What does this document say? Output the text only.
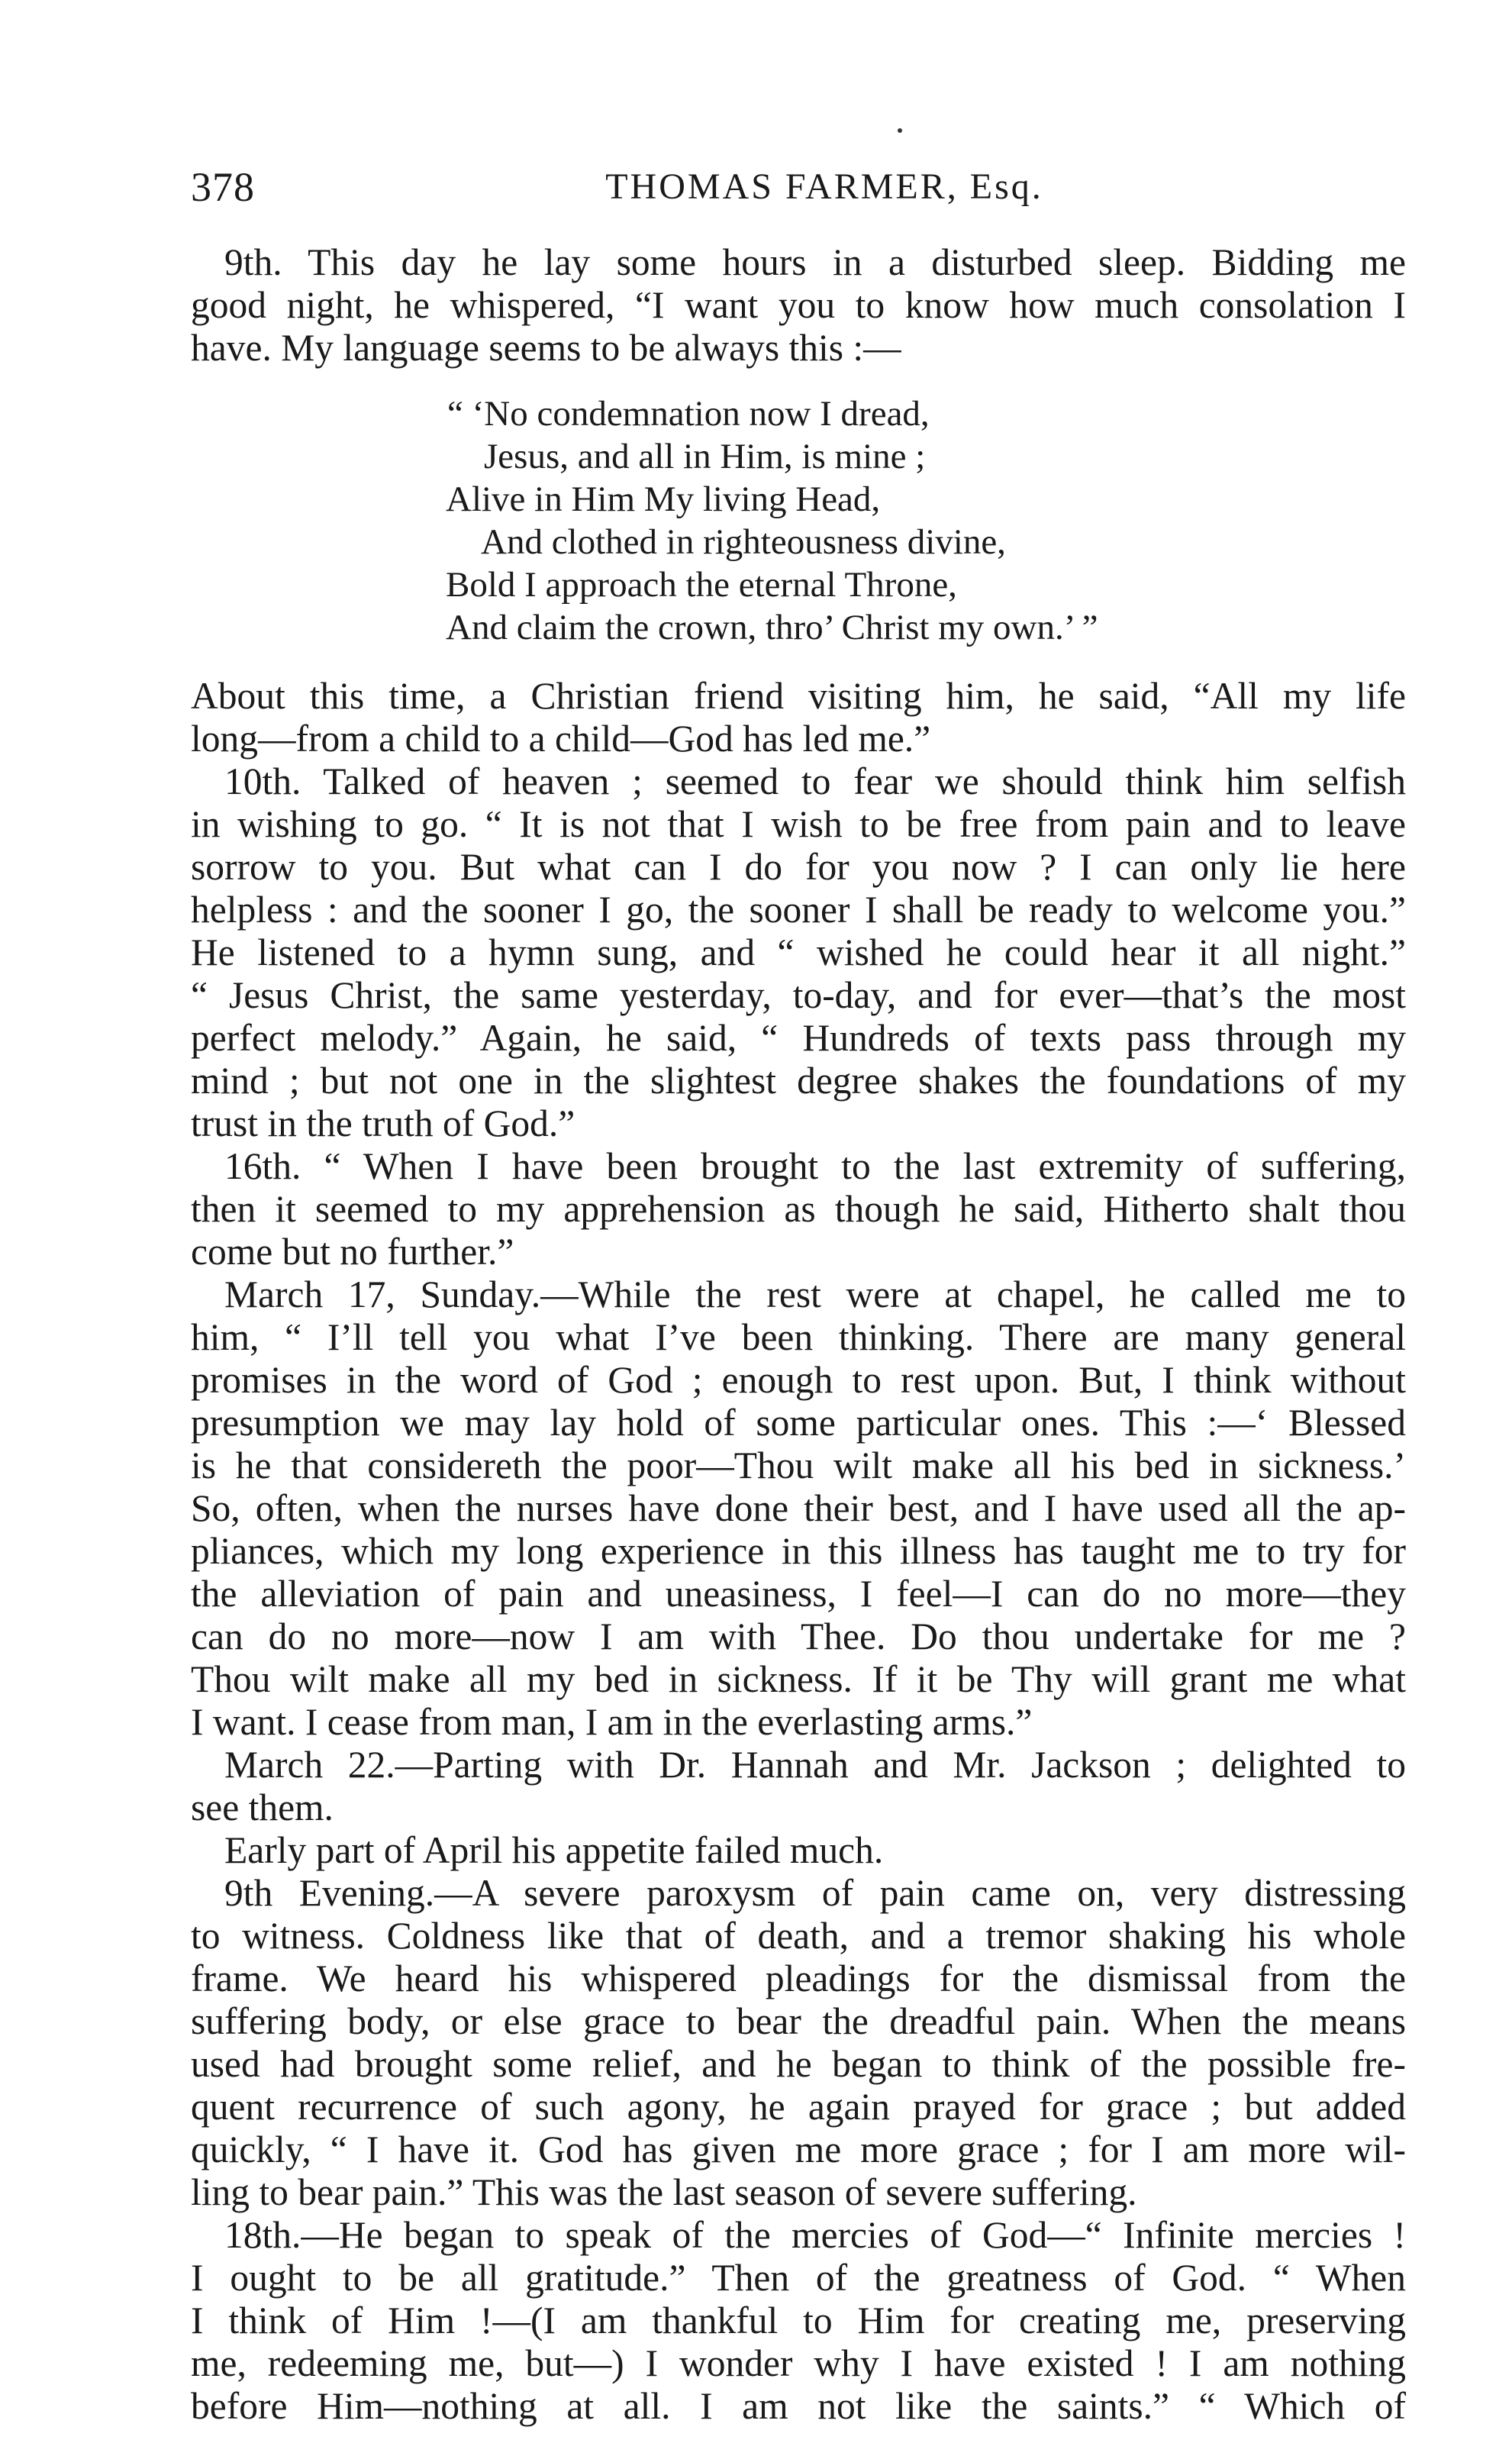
378	THOMAS FARMER, Esq.
9th. This day he lay some hours in a disturbed sleep. Bidding me
good night, he whispered, “I want you to know how much consolation I
have. My language seems to be always this :—
“ ‘No condemnation now I dread,
Jesus, and all in Him, is mine ;
Alive in Him My living Head,
And clothed in righteousness divine,
Bold I approach the eternal Throne,
And claim the crown, thro’ Christ my own.’ ”
About this time, a Christian friend visiting him, he said, “All my life
long—from a child to a child—God has led me.”
10th. Talked of heaven ; seemed to fear we should think him selfish
in wishing to go. “ It is not that I wish to be free from pain and to leave
sorrow to you. But what can I do for you now ? I can only lie here
helpless : and the sooner I go, the sooner I shall be ready to welcome you.”
He listened to a hymn sung, and “ wished he could hear it all night.”
“ Jesus Christ, the same yesterday, to-day, and for ever—that’s the most
perfect melody.” Again, he said, “ Hundreds of texts pass through my
mind ; but not one in the slightest degree shakes the foundations of my
trust in the truth of God.”
16th. “ When I have been brought to the last extremity of suffering,
then it seemed to my apprehension as though he said, Hitherto shalt thou
come but no further.”
March 17, Sunday.—While the rest were at chapel, he called me to
him, “ I’ll tell you what I’ve been thinking. There are many general
promises in the word of God ; enough to rest upon. But, I think without
presumption we may lay hold of some particular ones. This :—‘ Blessed
is he that considereth the poor—Thou wilt make all his bed in sickness.’
So, often, when the nurses have done their best, and I have used all the ap-
pliances, which my long experience in this illness has taught me to try for
the alleviation of pain and uneasiness, I feel—I can do no more—they
can do no more—now I am with Thee. Do thou undertake for me ?
Thou wilt make all my bed in sickness. If it be Thy will grant me what
I want. I cease from man, I am in the everlasting arms.”
March 22.—Parting with Dr. Hannah and Mr. Jackson ; delighted to
see them.
Early part of April his appetite failed much.
9th Evening.—A severe paroxysm of pain came on, very distressing
to witness. Coldness like that of death, and a tremor shaking his whole
frame. We heard his whispered pleadings for the dismissal from the
suffering body, or else grace to bear the dreadful pain. When the means
used had brought some relief, and he began to think of the possible fre-
quent recurrence of such agony, he again prayed for grace ; but added
quickly, “ I have it. God has given me more grace ; for I am more wil-
ling to bear pain.” This was the last season of severe suffering.
18th.—He began to speak of the mercies of God—“ Infinite mercies !
I ought to be all gratitude.” Then of the greatness of God. “ When
I think of Him !—(I am thankful to Him for creating me, preserving
me, redeeming me, but—) I wonder why I have existed ! I am nothing
before Him—nothing at all. I am not like the saints.” “ Which of
